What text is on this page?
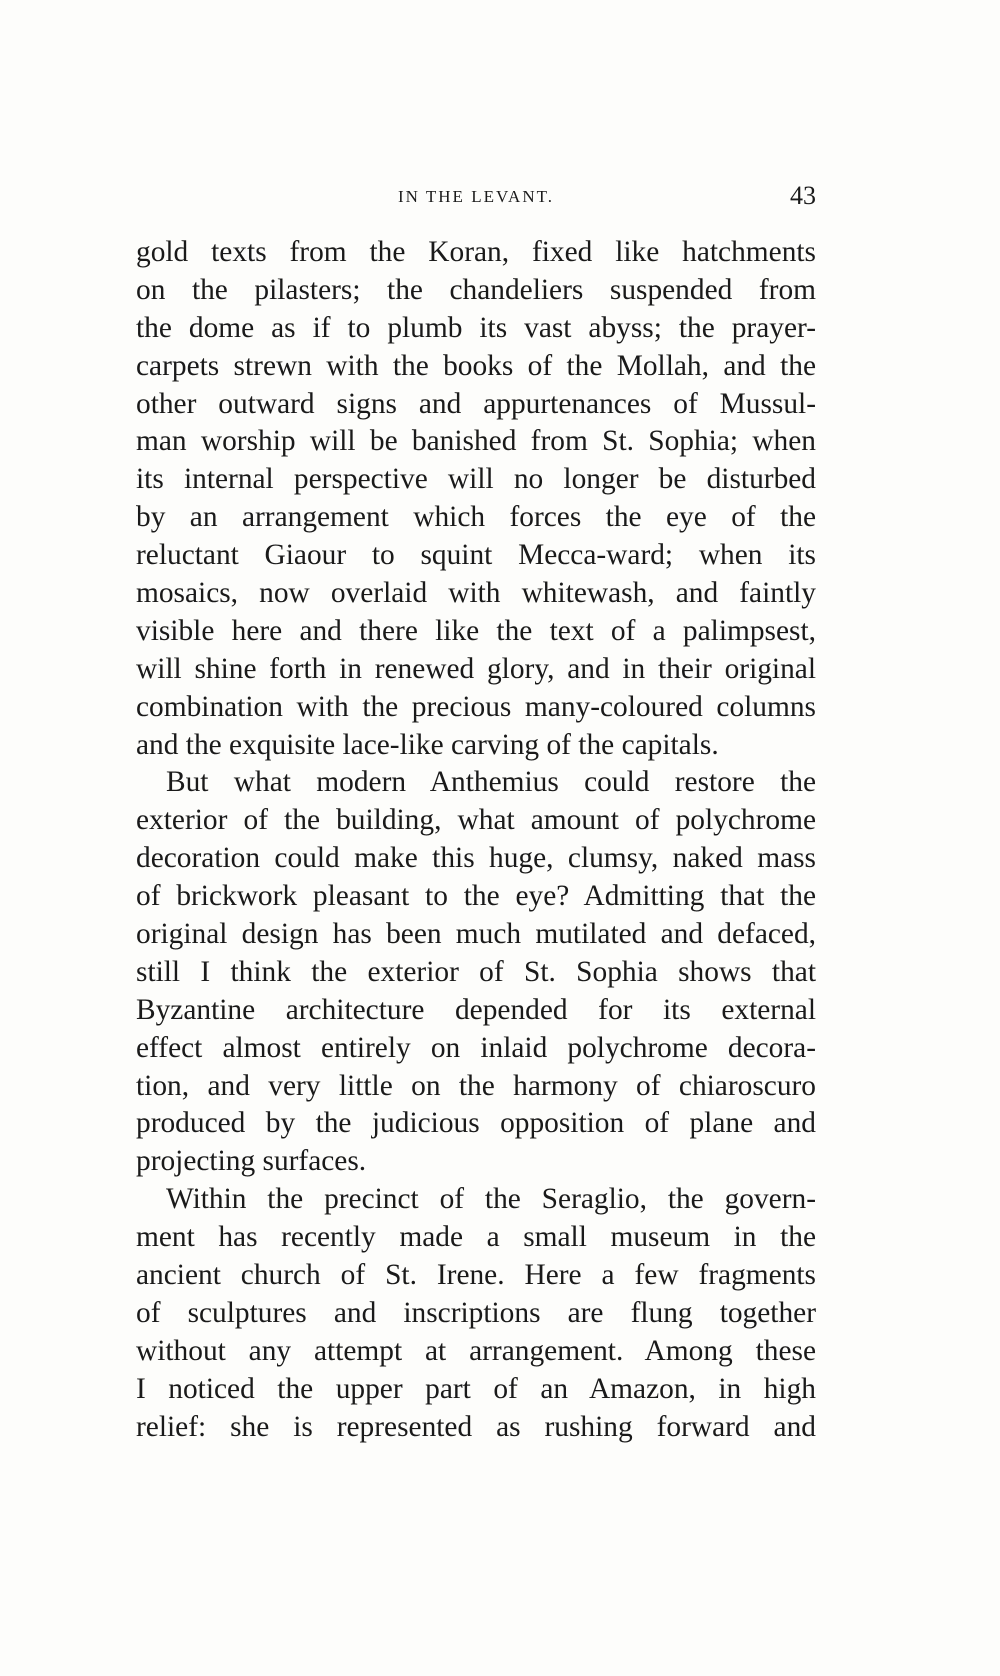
IN THE LEVANT.	43
gold texts from the Koran, fixed like hatchments
on the pilasters; the chandeliers suspended from
the dome as if to plumb its vast abyss; the prayer-
carpets strewn with the books of the Mollah, and the
other outward signs and appurtenances of Mussul-
man worship will be banished from St. Sophia; when
its internal perspective will no longer be disturbed
by an arrangement which forces the eye of the
reluctant Giaour to squint Mecca-ward; when its
mosaics, now overlaid with whitewash, and faintly
visible here and there like the text of a palimpsest,
will shine forth in renewed glory, and in their original
combination with the precious many-coloured columns
and the exquisite lace-like carving of the capitals.
But what modern Anthemius could restore the
exterior of the building, what amount of polychrome
decoration could make this huge, clumsy, naked mass
of brickwork pleasant to the eye? Admitting that the
original design has been much mutilated and defaced,
still I think the exterior of St. Sophia shows that
Byzantine architecture depended for its external
effect almost entirely on inlaid polychrome decora-
tion, and very little on the harmony of chiaroscuro
produced by the judicious opposition of plane and
projecting surfaces.
Within the precinct of the Seraglio, the govern-
ment has recently made a small museum in the
ancient church of St. Irene. Here a few fragments
of sculptures and inscriptions are flung together
without any attempt at arrangement. Among these
I noticed the upper part of an Amazon, in high
relief: she is represented as rushing forward and
